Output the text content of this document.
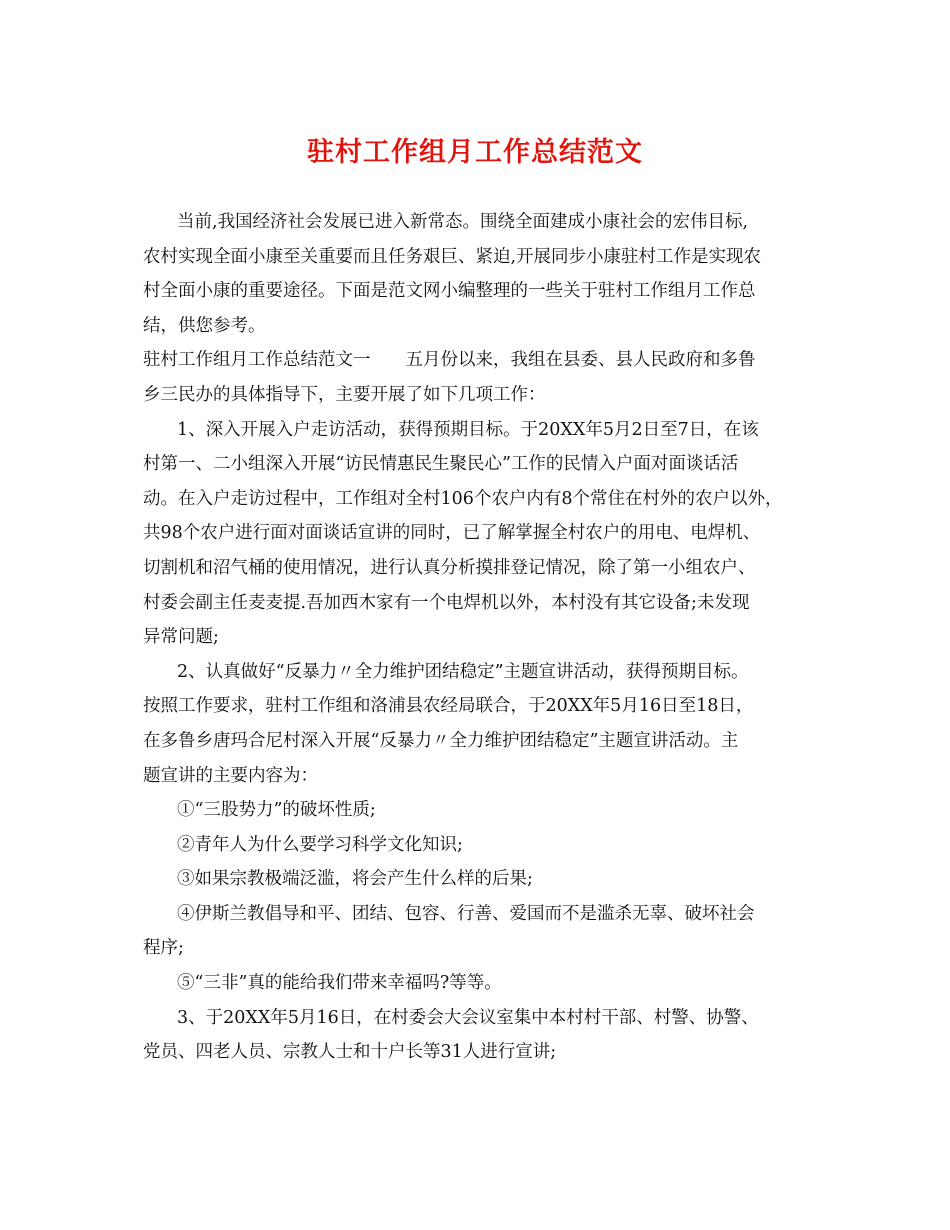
驻村工作组月工作总结范文
当前,我国经济社会发展已进入新常态。围绕全面建成小康社会的宏伟目标,
农村实现全面小康至关重要而且任务艰巨、紧迫,开展同步小康驻村工作是实现农
村全面小康的重要途径。下面是范文网小编整理的一些关于驻村工作组月工作总
结，供您参考。
驻村工作组月工作总结范文一　　五月份以来，我组在县委、县人民政府和多鲁
乡三民办的具体指导下，主要开展了如下几项工作：
1、深入开展入户走访活动，获得预期目标。于20XX年5月2日至7日，在该
村第一、二小组深入开展“访民情惠民生聚民心”工作的民情入户面对面谈话活
动。在入户走访过程中，工作组对全村106个农户内有8个常住在村外的农户以外，
共98个农户进行面对面谈话宣讲的同时，已了解掌握全村农户的用电、电焊机、
切割机和沼气桶的使用情况，进行认真分析摸排登记情况，除了第一小组农户、
村委会副主任麦麦提.吾加西木家有一个电焊机以外，本村没有其它设备;未发现
异常问题;
2、认真做好“反暴力〃全力维护团结稳定”主题宣讲活动，获得预期目标。
按照工作要求，驻村工作组和洛浦县农经局联合，于20XX年5月16日至18日，
在多鲁乡唐玛合尼村深入开展“反暴力〃全力维护团结稳定”主题宣讲活动。主
题宣讲的主要内容为：
①“三股势力”的破坏性质;
②青年人为什么要学习科学文化知识;
③如果宗教极端泛滥，将会产生什么样的后果;
④伊斯兰教倡导和平、团结、包容、行善、爱国而不是滥杀无辜、破坏社会
程序;
⑤“三非”真的能给我们带来幸福吗?等等。
3、于20XX年5月16日，在村委会大会议室集中本村村干部、村警、协警、
党员、四老人员、宗教人士和十户长等31人进行宣讲;
